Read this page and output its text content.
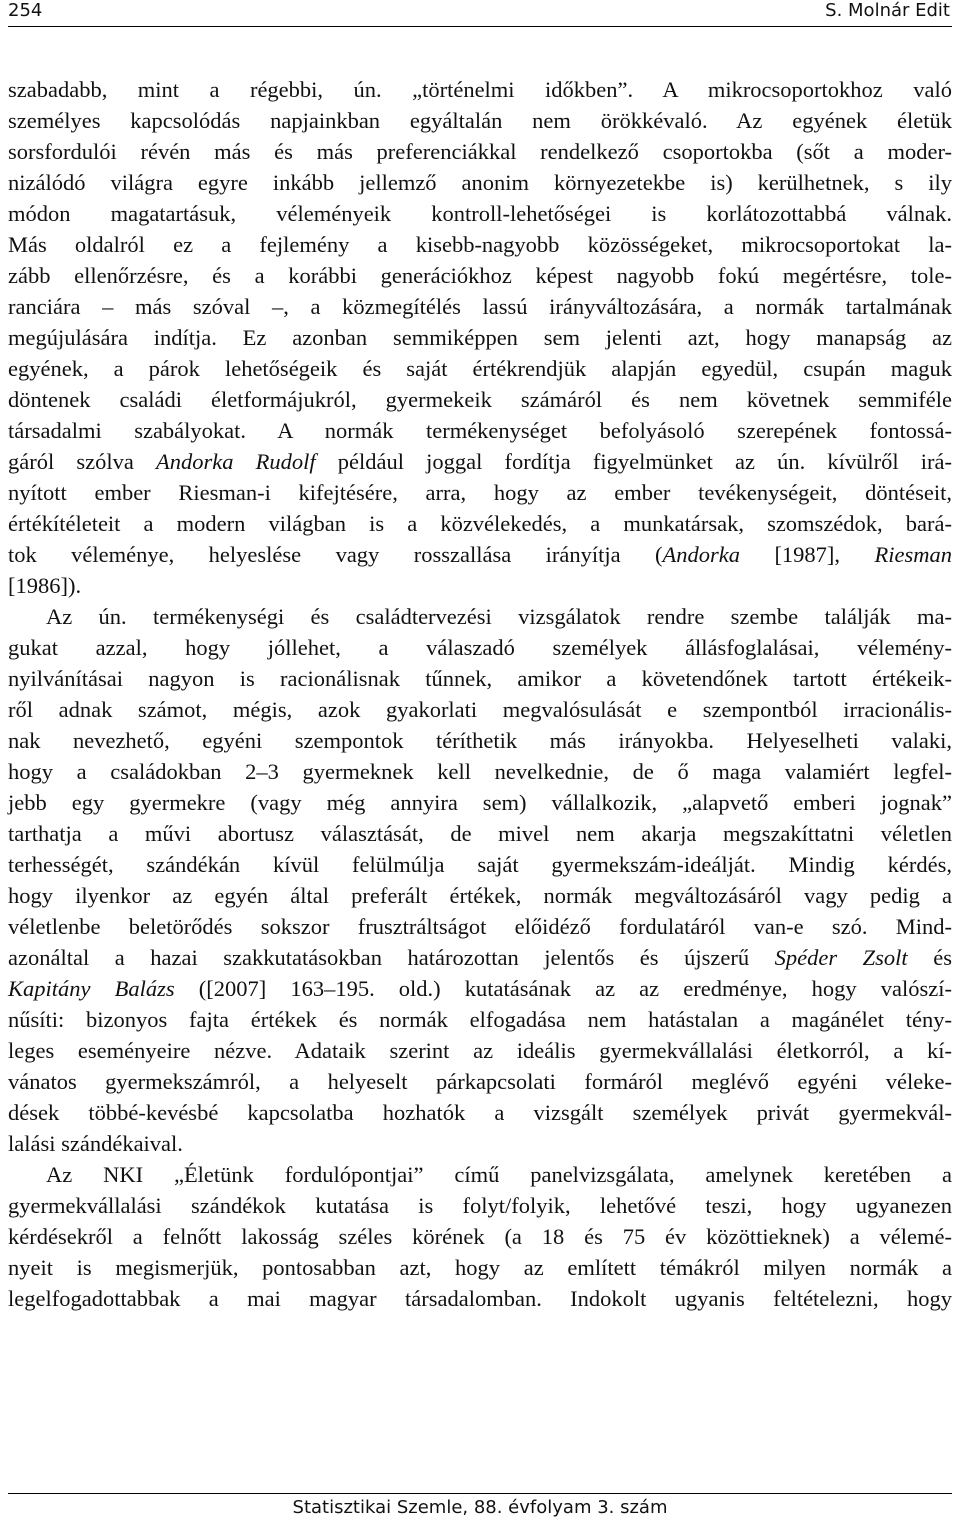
254	S. Molnár Edit
szabadabb, mint a régebbi, ún. „történelmi időkben”. A mikrocsoportokhoz való
személyes kapcsolódás napjainkban egyáltalán nem örökkévaló. Az egyének életük
sorsfordulói révén más és más preferenciákkal rendelkező csoportokba (sőt a moder-
nizálódó világra egyre inkább jellemző anonim környezetekbe is) kerülhetnek, s ily
módon magatartásuk, véleményeik kontroll-lehetőségei is korlátozottabbá válnak.
Más oldalról ez a fejlemény a kisebb-nagyobb közösségeket, mikrocsoportokat la-
zább ellenőrzésre, és a korábbi generációkhoz képest nagyobb fokú megértésre, tole-
ranciára – más szóval –, a közmegítélés lassú irányváltozására, a normák tartalmának
megújulására indítja. Ez azonban semmiképpen sem jelenti azt, hogy manapság az
egyének, a párok lehetőségeik és saját értékrendjük alapján egyedül, csupán maguk
döntenek családi életformájukról, gyermekeik számáról és nem követnek semmiféle
társadalmi szabályokat. A normák termékenységet befolyásoló szerepének fontossá-
gáról szólva Andorka Rudolf például joggal fordítja figyelmünket az ún. kívülről irá-
nyított ember Riesman-i kifejtésére, arra, hogy az ember tevékenységeit, döntéseit,
értékítéleteit a modern világban is a közvélekedés, a munkatársak, szomszédok, bará-
tok véleménye, helyeslése vagy rosszallása irányítja (Andorka [1987], Riesman
[1986]).
Az ún. termékenységi és családtervezési vizsgálatok rendre szembe találják ma-
gukat azzal, hogy jóllehet, a válaszadó személyek állásfoglalásai, vélemény-
nyilvánításai nagyon is racionálisnak tűnnek, amikor a követendőnek tartott értékeik-
ről adnak számot, mégis, azok gyakorlati megvalósulását e szempontból irracionális-
nak nevezhető, egyéni szempontok téríthetik más irányokba. Helyeselheti valaki,
hogy a családokban 2–3 gyermeknek kell nevelkednie, de ő maga valamiért legfel-
jebb egy gyermekre (vagy még annyira sem) vállalkozik, „alapvető emberi jognak”
tarthatja a művi abortusz választását, de mivel nem akarja megszakíttatni véletlen
terhességét, szándékán kívül felülmúlja saját gyermekszám-ideálját. Mindig kérdés,
hogy ilyenkor az egyén által preferált értékek, normák megváltozásáról vagy pedig a
véletlenbe beletörődés sokszor frusztráltságot előidéző fordulatáról van-e szó. Mind-
azonáltal a hazai szakkutatásokban határozottan jelentős és újszerű Spéder Zsolt és
Kapitány Balázs ([2007] 163–195. old.) kutatásának az az eredménye, hogy valószí-
nűsíti: bizonyos fajta értékek és normák elfogadása nem hatástalan a magánélet tény-
leges eseményeire nézve. Adataik szerint az ideális gyermekvállalási életkorról, a kí-
vánatos gyermekszámról, a helyeselt párkapcsolati formáról meglévő egyéni véleke-
dések többé-kevésbé kapcsolatba hozhatók a vizsgált személyek privát gyermekvál-
lalási szándékaival.
Az NKI „Életünk fordulópontjai” című panelvizsgálata, amelynek keretében a
gyermekvállalási szándékok kutatása is folyt/folyik, lehetővé teszi, hogy ugyanezen
kérdésekről a felnőtt lakosság széles körének (a 18 és 75 év közöttieknek) a vélemé-
nyeit is megismerjük, pontosabban azt, hogy az említett témákról milyen normák a
legelfogadottabbak a mai magyar társadalomban. Indokolt ugyanis feltételezni, hogy
Statisztikai Szemle, 88. évfolyam 3. szám
